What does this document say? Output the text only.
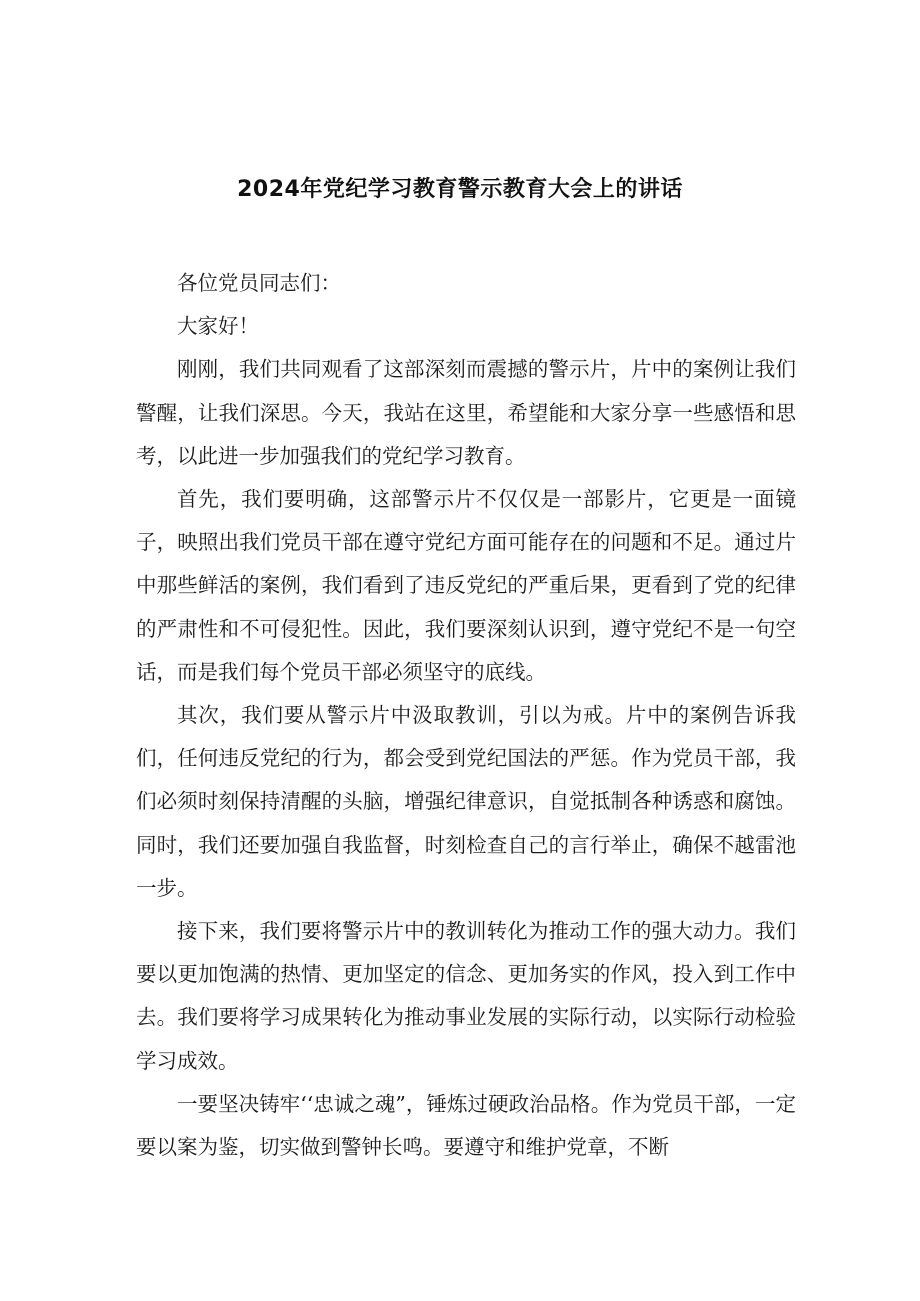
2024年党纪学习教育警示教育大会上的讲话

各位党员同志们：

大家好！

刚刚，我们共同观看了这部深刻而震撼的警示片，片中的案例让我们警醒，让我们深思。今天，我站在这里，希望能和大家分享一些感悟和思考，以此进一步加强我们的党纪学习教育。

首先，我们要明确，这部警示片不仅仅是一部影片，它更是一面镜子，映照出我们党员干部在遵守党纪方面可能存在的问题和不足。通过片中那些鲜活的案例，我们看到了违反党纪的严重后果，更看到了党的纪律的严肃性和不可侵犯性。因此，我们要深刻认识到，遵守党纪不是一句空话，而是我们每个党员干部必须坚守的底线。

其次，我们要从警示片中汲取教训，引以为戒。片中的案例告诉我们，任何违反党纪的行为，都会受到党纪国法的严惩。作为党员干部，我们必须时刻保持清醒的头脑，增强纪律意识，自觉抵制各种诱惑和腐蚀。同时，我们还要加强自我监督，时刻检查自己的言行举止，确保不越雷池一步。

接下来，我们要将警示片中的教训转化为推动工作的强大动力。我们要以更加饱满的热情、更加坚定的信念、更加务实的作风，投入到工作中去。我们要将学习成果转化为推动事业发展的实际行动，以实际行动检验学习成效。

一要坚决铸牢‘‘忠诚之魂”，锤炼过硬政治品格。作为党员干部，一定要以案为鉴，切实做到警钟长鸣。要遵守和维护党章，不断
